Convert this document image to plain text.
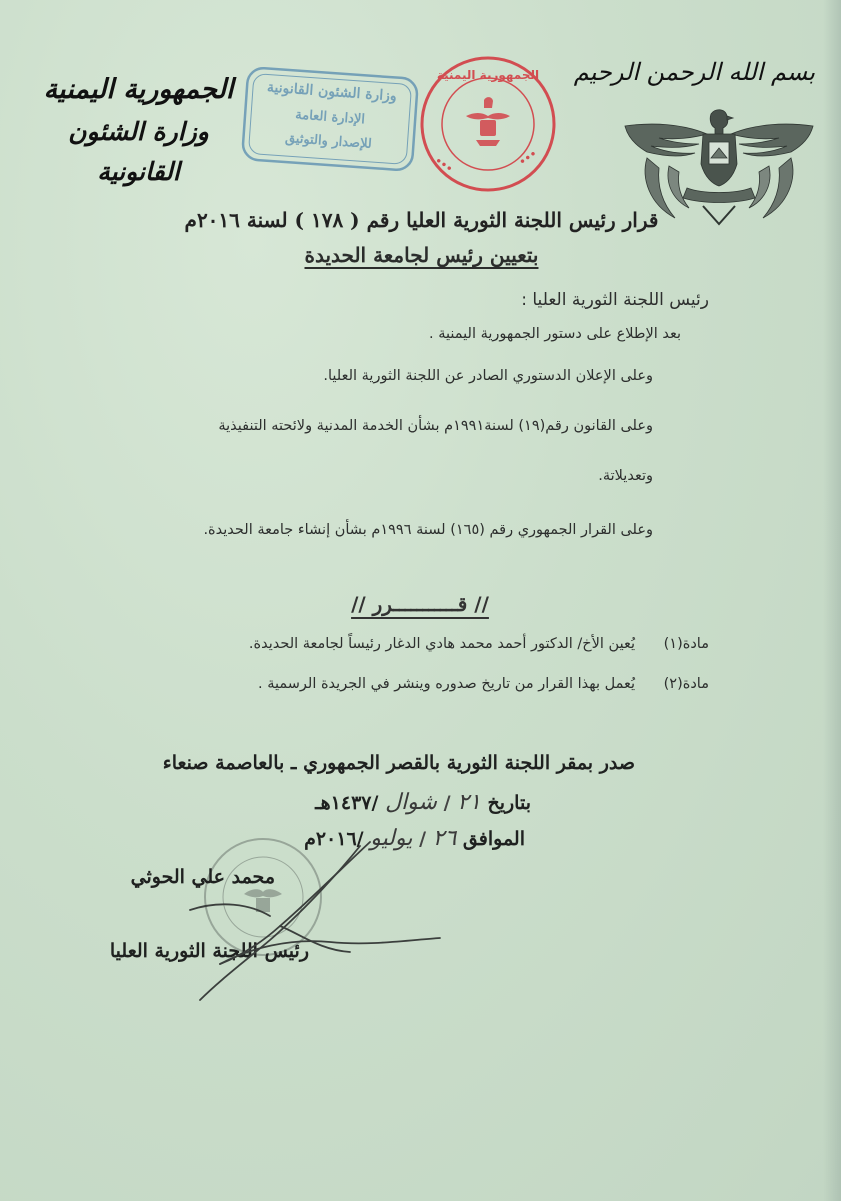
بسم الله الرحمن الرحيم
الجمهورية اليمنية
وزارة الشئون القانونية
وزارة الشئون القانونية
الإدارة العامة
للإصدار والتوثيق
•••	•••
الجمهورية اليمنية
قرار رئيس اللجنة الثورية العليا رقم ( ١٧٨ ) لسنة ٢٠١٦م
بتعيين رئيس لجامعة الحديدة
رئيس اللجنة الثورية العليا :
بعد الإطلاع على دستور الجمهورية اليمنية .
وعلى الإعلان الدستوري الصادر عن اللجنة الثورية العليا.
وعلى القانون رقم(١٩) لسنة١٩٩١م بشأن الخدمة المدنية ولائحته التنفيذية
وتعديلاتة.
وعلى القرار الجمهوري رقم (١٦٥) لسنة ١٩٩٦م بشأن إنشاء جامعة الحديدة.
// قـــــــــــرر //
مادة(١)
يُعين الأخ/ الدكتور أحمد محمد هادي الدغار رئيساً لجامعة الحديدة.
مادة(٢)
يُعمل بهذا القرار من تاريخ صدوره وينشر في الجريدة الرسمية .
صدر بمقر اللجنة الثورية بالقصر الجمهوري ـ بالعاصمة صنعاء
بتاريخ ٢١ / شوال /١٤٣٧هـ
الموافق ٢٦ / يوليو /٢٠١٦م
محمد علي الحوثي
رئيس اللجنة الثورية العليا
